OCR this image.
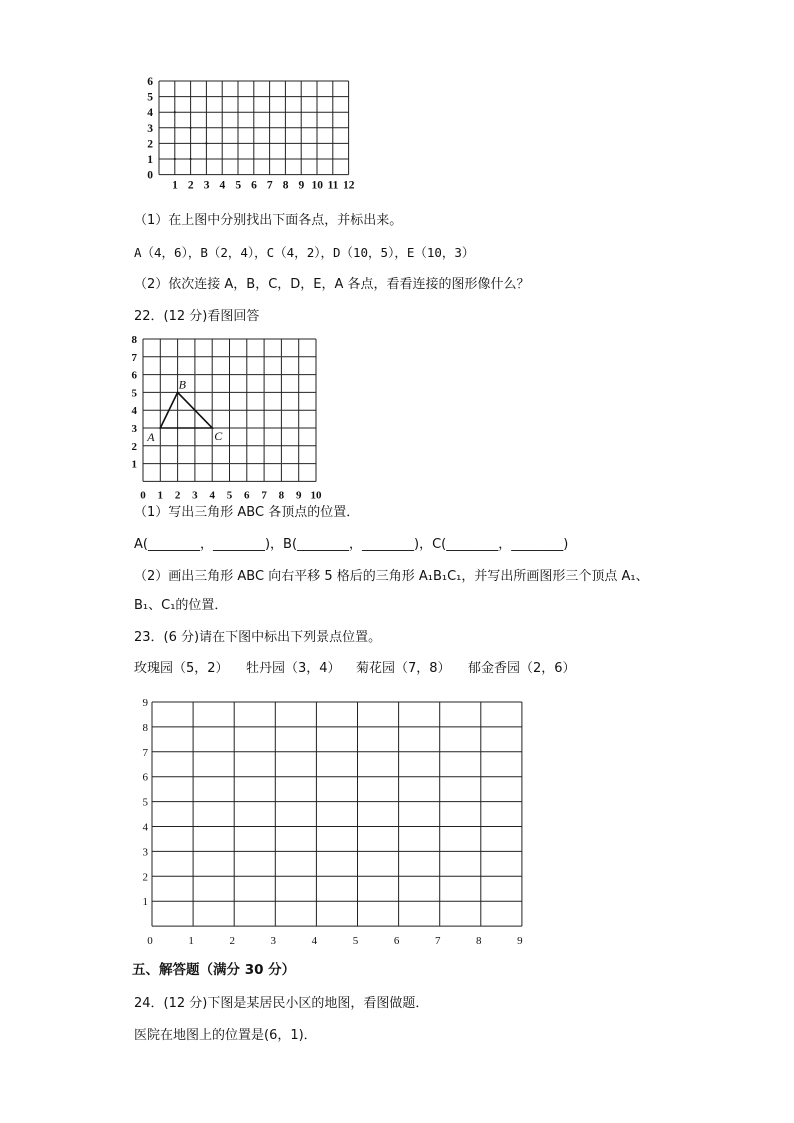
6
5
4
3
2
1
0
1 2 3 4 5 6 7 8 9 10 11 12
（1）在上图中分别找出下面各点，并标出来。
A（4，6），B（2，4），C（4，2），D（10，5），E（10，3）
（2）依次连接 A，B，C，D，E，A 各点，看看连接的图形像什么？
22．(12 分)看图回答
8
7
6
5
4
3
2
1
0 1 2 3 4 5 6 7 8 9 10
A
B
C
（1）写出三角形 ABC 各顶点的位置．
A(________，________)，B(________，________)，C(________，________)
（2）画出三角形 ABC 向右平移 5 格后的三角形 A₁B₁C₁，并写出所画图形三个顶点 A₁、
B₁、C₁的位置．
23．(6 分)请在下图中标出下列景点位置。
玫瑰园（5，2） 牡丹园（3，4） 菊花园（7，8） 郁金香园（2，6）
9
8
7
6
5
4
3
2
1
0	1	2	3	4	5	6	7	8	9
五、解答题（满分 30 分）
24．(12 分)下图是某居民小区的地图，看图做题．
医院在地图上的位置是(6，1)．
